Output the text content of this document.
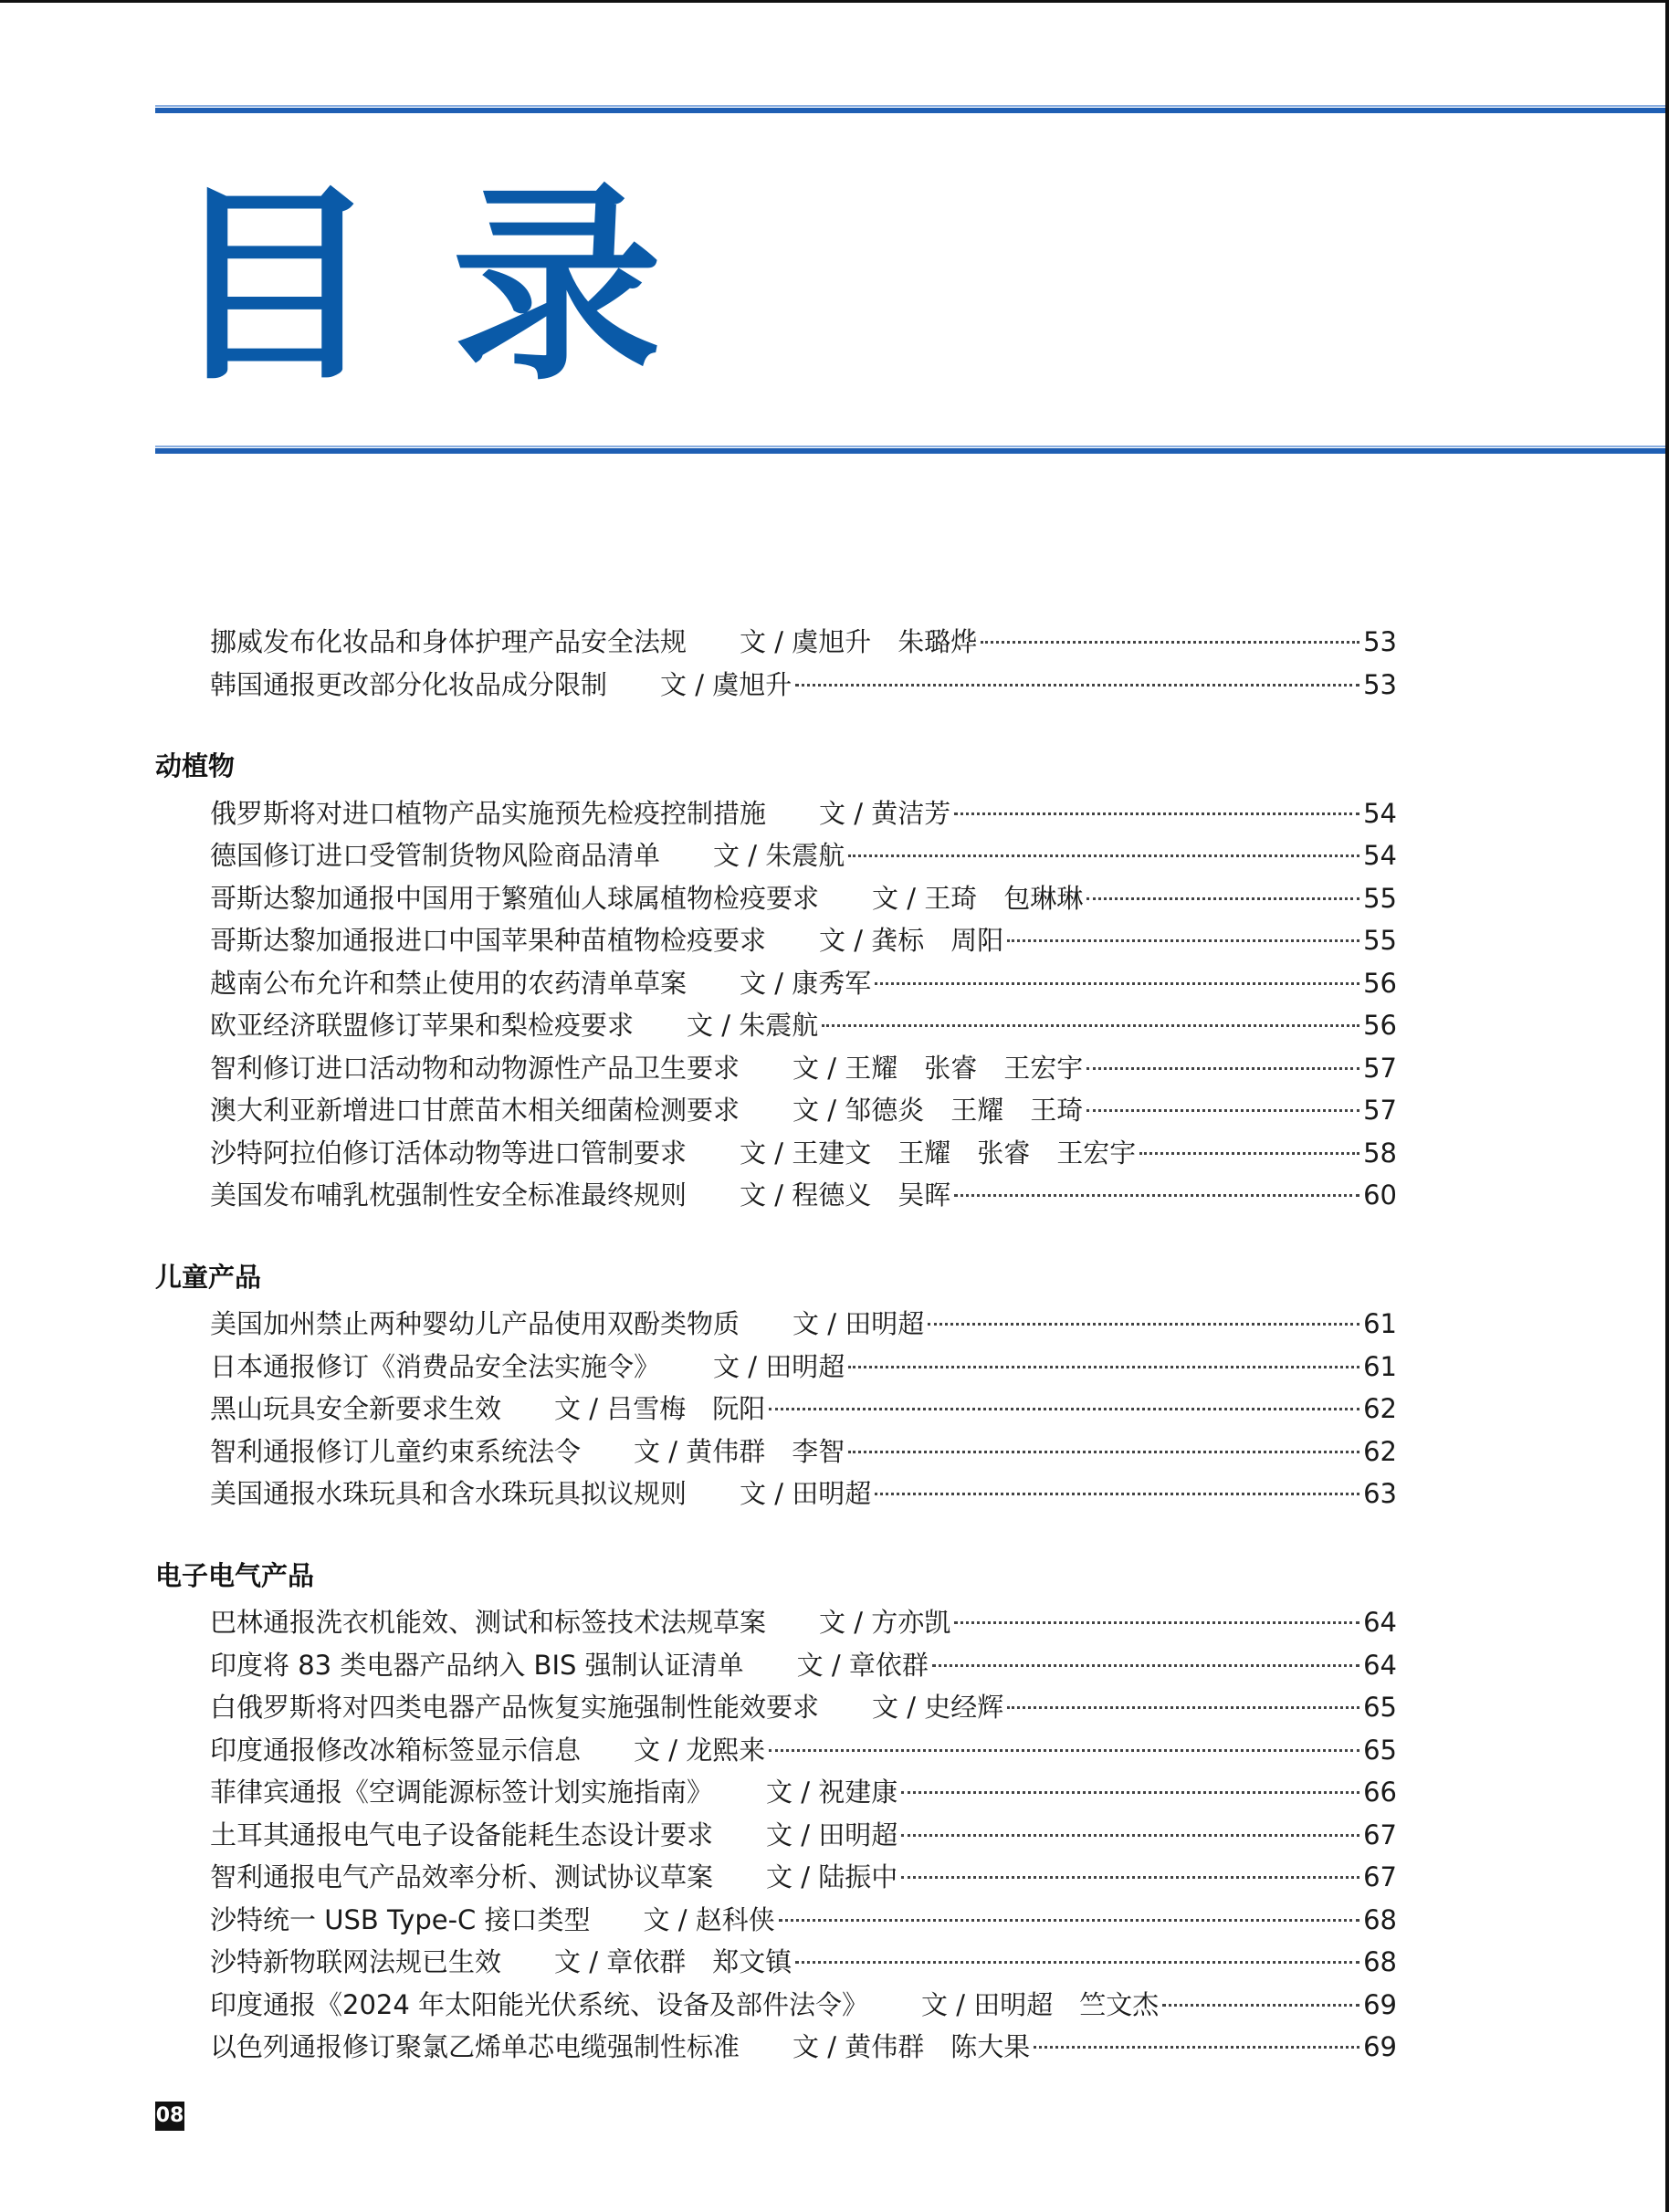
目 录
挪威发布化妆品和身体护理产品安全法规 文 / 虞旭升　朱璐烨	53
韩国通报更改部分化妆品成分限制 文 / 虞旭升	53
动植物
俄罗斯将对进口植物产品实施预先检疫控制措施 文 / 黄洁芳	54
德国修订进口受管制货物风险商品清单 文 / 朱震航	54
哥斯达黎加通报中国用于繁殖仙人球属植物检疫要求 文 / 王琦　包琳琳	55
哥斯达黎加通报进口中国苹果种苗植物检疫要求 文 / 龚标　周阳	55
越南公布允许和禁止使用的农药清单草案 文 / 康秀军	56
欧亚经济联盟修订苹果和梨检疫要求 文 / 朱震航	56
智利修订进口活动物和动物源性产品卫生要求 文 / 王耀　张睿　王宏宇	57
澳大利亚新增进口甘蔗苗木相关细菌检测要求 文 / 邹德炎　王耀　王琦	57
沙特阿拉伯修订活体动物等进口管制要求 文 / 王建文　王耀　张睿　王宏宇	58
美国发布哺乳枕强制性安全标准最终规则 文 / 程德义　吴晖	60
儿童产品
美国加州禁止两种婴幼儿产品使用双酚类物质 文 / 田明超	61
日本通报修订《消费品安全法实施令》 文 / 田明超	61
黑山玩具安全新要求生效 文 / 吕雪梅　阮阳	62
智利通报修订儿童约束系统法令 文 / 黄伟群　李智	62
美国通报水珠玩具和含水珠玩具拟议规则 文 / 田明超	63
电子电气产品
巴林通报洗衣机能效、测试和标签技术法规草案 文 / 方亦凯	64
印度将 83 类电器产品纳入 BIS 强制认证清单 文 / 章依群	64
白俄罗斯将对四类电器产品恢复实施强制性能效要求 文 / 史经辉	65
印度通报修改冰箱标签显示信息 文 / 龙熙来	65
菲律宾通报《空调能源标签计划实施指南》 文 / 祝建康	66
土耳其通报电气电子设备能耗生态设计要求 文 / 田明超	67
智利通报电气产品效率分析、测试协议草案 文 / 陆振中	67
沙特统一 USB Type-C 接口类型 文 / 赵科侠	68
沙特新物联网法规已生效 文 / 章依群　郑文镇	68
印度通报《2024 年太阳能光伏系统、设备及部件法令》 文 / 田明超　竺文杰	69
以色列通报修订聚氯乙烯单芯电缆强制性标准 文 / 黄伟群　陈大果	69
08
